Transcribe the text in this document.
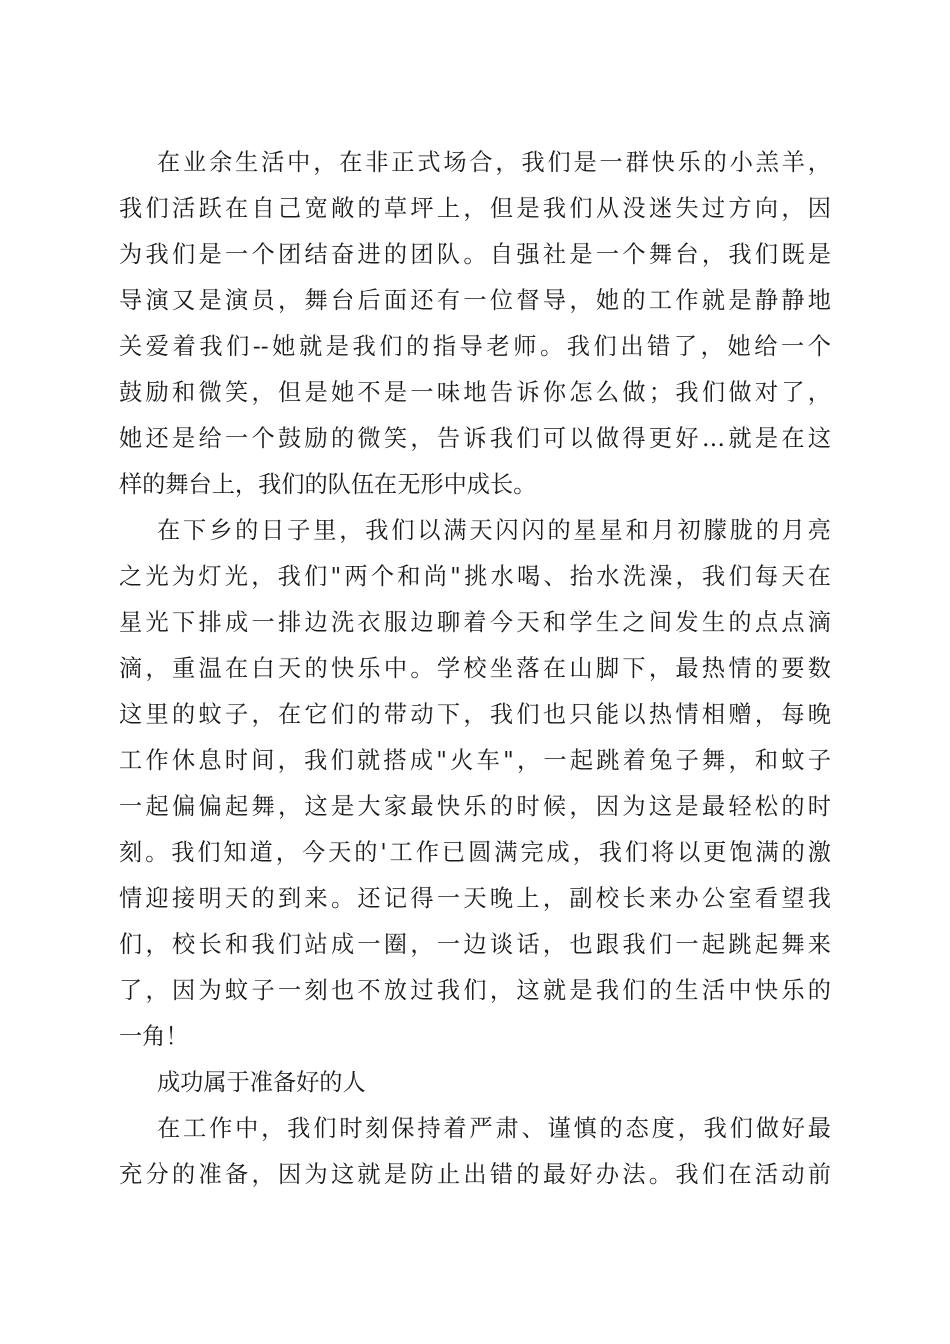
在业余生活中，在非正式场合，我们是一群快乐的小羔羊，

我们活跃在自己宽敞的草坪上，但是我们从没迷失过方向，因

为我们是一个团结奋进的团队。自强社是一个舞台，我们既是

导演又是演员，舞台后面还有一位督导，她的工作就是静静地

关爱着我们--她就是我们的指导老师。我们出错了，她给一个

鼓励和微笑，但是她不是一味地告诉你怎么做；我们做对了，

她还是给一个鼓励的微笑，告诉我们可以做得更好…就是在这

样的舞台上，我们的队伍在无形中成长。

在下乡的日子里，我们以满天闪闪的星星和月初朦胧的月亮

之光为灯光，我们"两个和尚"挑水喝、抬水洗澡，我们每天在

星光下排成一排边洗衣服边聊着今天和学生之间发生的点点滴

滴，重温在白天的快乐中。学校坐落在山脚下，最热情的要数

这里的蚊子，在它们的带动下，我们也只能以热情相赠，每晚

工作休息时间，我们就搭成"火车"，一起跳着兔子舞，和蚊子

一起偏偏起舞，这是大家最快乐的时候，因为这是最轻松的时

刻。我们知道，今天的'工作已圆满完成，我们将以更饱满的激

情迎接明天的到来。还记得一天晚上，副校长来办公室看望我

们，校长和我们站成一圈，一边谈话，也跟我们一起跳起舞来

了，因为蚊子一刻也不放过我们，这就是我们的生活中快乐的

一角！

成功属于准备好的人

在工作中，我们时刻保持着严肃、谨慎的态度，我们做好最

充分的准备，因为这就是防止出错的最好办法。我们在活动前
